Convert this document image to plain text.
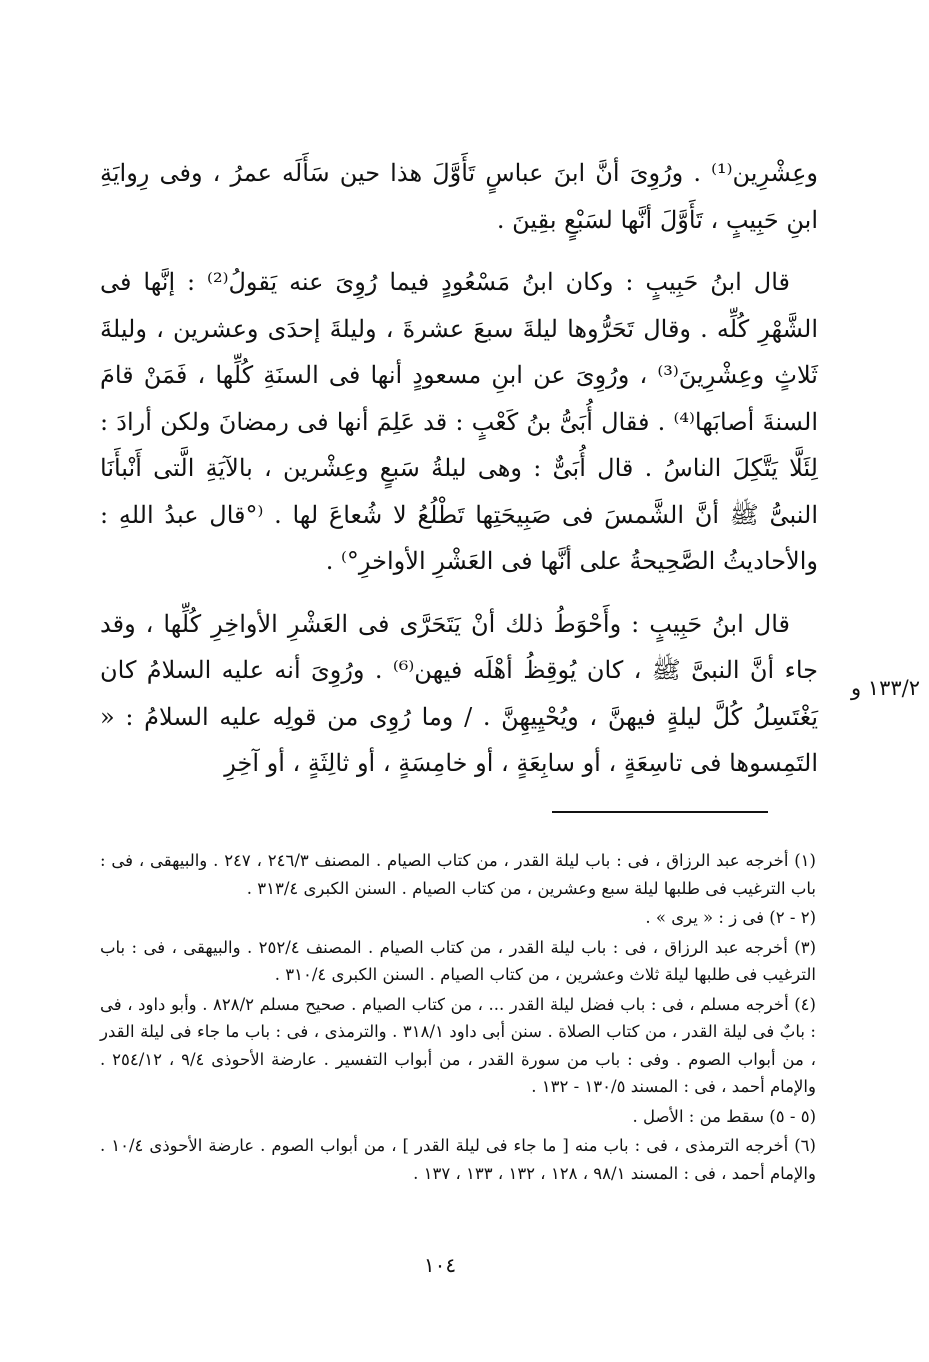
وعِشْرِين⁽¹⁾ . ورُوِىَ أنَّ ابنَ عباسٍ تَأَوَّلَ هذا حين سَأَلَه عمرُ ، وفى رِوايَةِ ابنِ حَبِيبٍ ، تَأَوَّلَ أنَّها لسَبْعٍ بقِينَ .

قال ابنُ حَبِيبٍ : وكان ابنُ مَسْعُودٍ فيما رُوِىَ عنه يَقولُ⁽²⁾ : إنَّها فى الشَّهْرِ كُلِّه . وقال تَحَرُّوها ليلةَ سبعَ عشرةَ ، وليلةَ إحدَى وعشرين ، وليلةَ ثَلاثٍ وعِشْرِينَ⁽³⁾ ، ورُوِىَ عن ابنِ مسعودٍ أنها فى السنَةِ كُلِّها ، فَمَنْ قامَ السنةَ أصابَها⁽⁴⁾ . فقال أُبَىُّ بنُ كَعْبٍ : قد عَلِمَ أنها فى رمضانَ ولكن أرادَ : لِئَلَّا يَتَّكِلَ الناسُ . قال أُبَىٌّ : وهى ليلةُ سَبعٍ وعِشْرين ، بالآيَةِ الَّتى أَنْبأَنَا النبىُّ ﷺ أنَّ الشَّمسَ فى صَبِيحَتِها تَطْلُعُ لا شُعاعَ لها . ⁽°قال عبدُ اللهِ : والأحاديثُ الصَّحِيحةُ على أنَّها فى العَشْرِ الأواخرِ°⁾ .

قال ابنُ حَبِيبٍ : وأَحْوَطُ ذلك أنْ يَتَحَرَّى فى العَشْرِ الأواخِرِ كُلِّها ، وقد جاء أنَّ النبىَّ ﷺ ، كان يُوقِظُ أهْلَه فيهن⁽⁶⁾ . ورُوِىَ أنه عليه السلامُ كان يَغْتَسِلُ كُلَّ ليلةٍ فيهنَّ ، ويُحْيِيهِنَّ . / وما رُوِى من قولِه عليه السلامُ : « التَمِسوها فى تاسِعَةٍ ، أو سابِعَةٍ ، أو خامِسَةٍ ، أو ثالِثَةٍ ، أو آخِرِ

١٣٣/٢ و
(١) أخرجه عبد الرزاق ، فى : باب ليلة القدر ، من كتاب الصيام . المصنف ٢٤٦/٣ ، ٢٤٧ . والبيهقى ، فى : باب الترغيب فى طلبها ليلة سبع وعشرين ، من كتاب الصيام . السنن الكبرى ٣١٣/٤ .
(٢ - ٢) فى ز : « يرى » .
(٣) أخرجه عبد الرزاق ، فى : باب ليلة القدر ، من كتاب الصيام . المصنف ٢٥٢/٤ . والبيهقى ، فى : باب الترغيب فى طلبها ليلة ثلاث وعشرين ، من كتاب الصيام . السنن الكبرى ٣١٠/٤ .
(٤) أخرجه مسلم ، فى : باب فضل ليلة القدر ... ، من كتاب الصيام . صحيح مسلم ٨٢٨/٢ . وأبو داود ، فى : بابٌ فى ليلة القدر ، من كتاب الصلاة . سنن أبى داود ٣١٨/١ . والترمذى ، فى : باب ما جاء فى ليلة القدر ، من أبواب الصوم . وفى : باب من سورة القدر ، من أبواب التفسير . عارضة الأحوذى ٩/٤ ، ٢٥٤/١٢ . والإمام أحمد ، فى : المسند ١٣٠/٥ - ١٣٢ .
(٥ - ٥) سقط من : الأصل .
(٦) أخرجه الترمذى ، فى : باب منه [ ما جاء فى ليلة القدر ] ، من أبواب الصوم . عارضة الأحوذى ١٠/٤ . والإمام أحمد ، فى : المسند ٩٨/١ ، ١٢٨ ، ١٣٢ ، ١٣٣ ، ١٣٧ .
١٠٤
